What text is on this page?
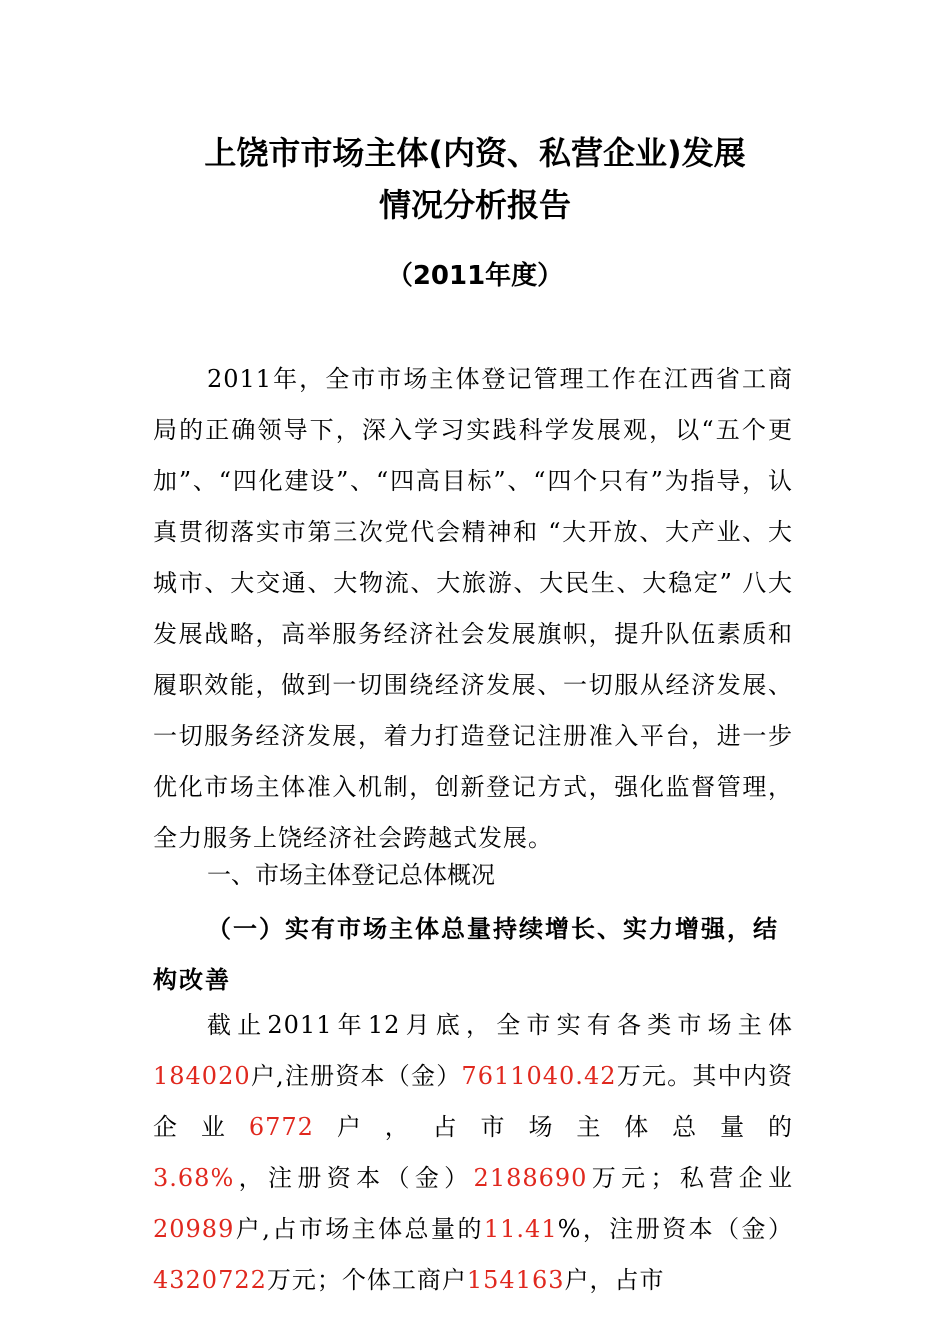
上饶市市场主体(内资、私营企业)发展
情况分析报告
（2011年度）

2011年，全市市场主体登记管理工作在江西省工商局的正确领导下，深入学习实践科学发展观，以“五个更加”、“四化建设”、“四高目标”、“四个只有”为指导，认真贯彻落实市第三次党代会精神和 “大开放、大产业、大城市、大交通、大物流、大旅游、大民生、大稳定” 八大发展战略，高举服务经济社会发展旗帜，提升队伍素质和履职效能，做到一切围绕经济发展、一切服从经济发展、一切服务经济发展，着力打造登记注册准入平台，进一步优化市场主体准入机制，创新登记方式，强化监督管理，全力服务上饶经济社会跨越式发展。

一、市场主体登记总体概况
（一）实有市场主体总量持续增长、实力增强，结构改善

截止2011年12月底，全市实有各类市场主体184020户,注册资本（金）7611040.42万元。其中内资企业6772户，占市场主体总量的3.68%，注册资本（金）2188690万元；私营企业20989户,占市场主体总量的11.41%，注册资本（金）4320722万元；个体工商户154163户，占市
